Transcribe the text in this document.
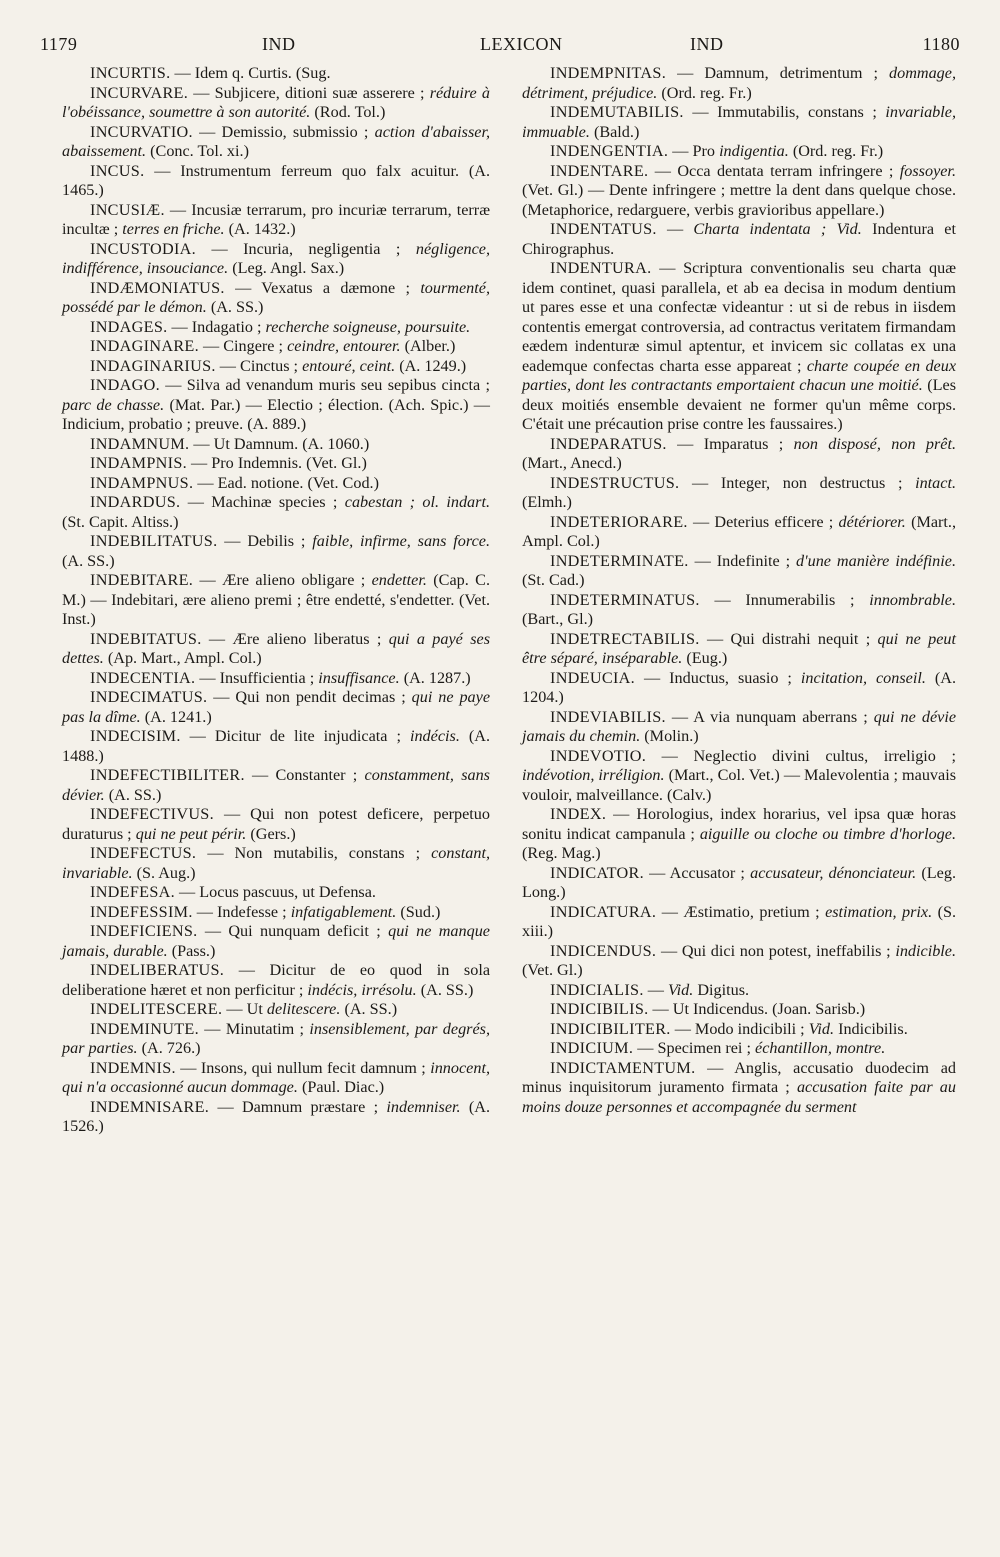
1179	IND	LEXICON	IND	1180

INCURTIS. — Idem q. Curtis. (Sug.

INCURVARE. — Subjicere, ditioni suæ asserere ; réduire à l'obéissance, soumettre à son autorité. (Rod. Tol.)

INCURVATIO. — Demissio, submissio ; action d'abaisser, abaissement. (Conc. Tol. xi.)

INCUS. — Instrumentum ferreum quo falx acuitur. (A. 1465.)

INCUSIÆ. — Incusiæ terrarum, pro incuriæ terrarum, terræ incultæ ; terres en friche. (A. 1432.)

INCUSTODIA. — Incuria, negligentia ; négligence, indifférence, insouciance. (Leg. Angl. Sax.)

INDÆMONIATUS. — Vexatus a dæmone ; tourmenté, possédé par le démon. (A. SS.)

INDAGES. — Indagatio ; recherche soigneuse, poursuite.

INDAGINARE. — Cingere ; ceindre, entourer. (Alber.)

INDAGINARIUS. — Cinctus ; entouré, ceint. (A. 1249.)

INDAGO. — Silva ad venandum muris seu sepibus cincta ; parc de chasse. (Mat. Par.) — Electio ; élection. (Ach. Spic.) — Indicium, probatio ; preuve. (A. 889.)

INDAMNUM. — Ut Damnum. (A. 1060.)

INDAMPNIS. — Pro Indemnis. (Vet. Gl.)

INDAMPNUS. — Ead. notione. (Vet. Cod.)

INDARDUS. — Machinæ species ; cabestan ; ol. indart. (St. Capit. Altiss.)

INDEBILITATUS. — Debilis ; faible, infirme, sans force. (A. SS.)

INDEBITARE. — Ære alieno obligare ; endetter. (Cap. C. M.) — Indebitari, ære alieno premi ; être endetté, s'endetter. (Vet. Inst.)

INDEBITATUS. — Ære alieno liberatus ; qui a payé ses dettes. (Ap. Mart., Ampl. Col.)

INDECENTIA. — Insufficientia ; insuffisance. (A. 1287.)

INDECIMATUS. — Qui non pendit decimas ; qui ne paye pas la dîme. (A. 1241.)

INDECISIM. — Dicitur de lite injudicata ; indécis. (A. 1488.)

INDEFECTIBILITER. — Constanter ; constamment, sans dévier. (A. SS.)

INDEFECTIVUS. — Qui non potest deficere, perpetuo duraturus ; qui ne peut périr. (Gers.)

INDEFECTUS. — Non mutabilis, constans ; constant, invariable. (S. Aug.)

INDEFESA. — Locus pascuus, ut Defensa.

INDEFESSIM. — Indefesse ; infatigablement. (Sud.)

INDEFICIENS. — Qui nunquam deficit ; qui ne manque jamais, durable. (Pass.)

INDELIBERATUS. — Dicitur de eo quod in sola deliberatione hæret et non perficitur ; indécis, irrésolu. (A. SS.)

INDELITESCERE. — Ut delitescere. (A. SS.)

INDEMINUTE. — Minutatim ; insensiblement, par degrés, par parties. (A. 726.)

INDEMNIS. — Insons, qui nullum fecit damnum ; innocent, qui n'a occasionné aucun dommage. (Paul. Diac.)

INDEMNISARE. — Damnum præstare ; indemniser. (A. 1526.)

INDEMPNITAS. — Damnum, detrimentum ; dommage, détriment, préjudice. (Ord. reg. Fr.)

INDEMUTABILIS. — Immutabilis, constans ; invariable, immuable. (Bald.)

INDENGENTIA. — Pro indigentia. (Ord. reg. Fr.)

INDENTARE. — Occa dentata terram infringere ; fossoyer. (Vet. Gl.) — Dente infringere ; mettre la dent dans quelque chose. (Metaphorice, redarguere, verbis gravioribus appellare.)

INDENTATUS. — Charta indentata ; Vid. Indentura et Chirographus.

INDENTURA. — Scriptura conventionalis seu charta quæ idem continet, quasi parallela, et ab ea decisa in modum dentium ut pares esse et una confectæ videantur : ut si de rebus in iisdem contentis emergat controversia, ad contractus veritatem firmandam eædem indenturæ simul aptentur, et invicem sic collatas ex una eademque confectas charta esse appareat ; charte coupée en deux parties, dont les contractants emportaient chacun une moitié. (Les deux moitiés ensemble devaient ne former qu'un même corps. C'était une précaution prise contre les faussaires.)

INDEPARATUS. — Imparatus ; non disposé, non prêt. (Mart., Anecd.)

INDESTRUCTUS. — Integer, non destructus ; intact. (Elmh.)

INDETERIORARE. — Deterius efficere ; détériorer. (Mart., Ampl. Col.)

INDETERMINATE. — Indefinite ; d'une manière indéfinie. (St. Cad.)

INDETERMINATUS. — Innumerabilis ; innombrable. (Bart., Gl.)

INDETRECTABILIS. — Qui distrahi nequit ; qui ne peut être séparé, inséparable. (Eug.)

INDEUCIA. — Inductus, suasio ; incitation, conseil. (A. 1204.)

INDEVIABILIS. — A via nunquam aberrans ; qui ne dévie jamais du chemin. (Molin.)

INDEVOTIO. — Neglectio divini cultus, irreligio ; indévotion, irréligion. (Mart., Col. Vet.) — Malevolentia ; mauvais vouloir, malveillance. (Calv.)

INDEX. — Horologius, index horarius, vel ipsa quæ horas sonitu indicat campanula ; aiguille ou cloche ou timbre d'horloge. (Reg. Mag.)

INDICATOR. — Accusator ; accusateur, dénonciateur. (Leg. Long.)

INDICATURA. — Æstimatio, pretium ; estimation, prix. (S. xiii.)

INDICENDUS. — Qui dici non potest, ineffabilis ; indicible. (Vet. Gl.)

INDICIALIS. — Vid. Digitus.

INDICIBILIS. — Ut Indicendus. (Joan. Sarisb.)

INDICIBILITER. — Modo indicibili ; Vid. Indicibilis.

INDICIUM. — Specimen rei ; échantillon, montre.

INDICTAMENTUM. — Anglis, accusatio duodecim ad minus inquisitorum juramento firmata ; accusation faite par au moins douze personnes et accompagnée du serment
